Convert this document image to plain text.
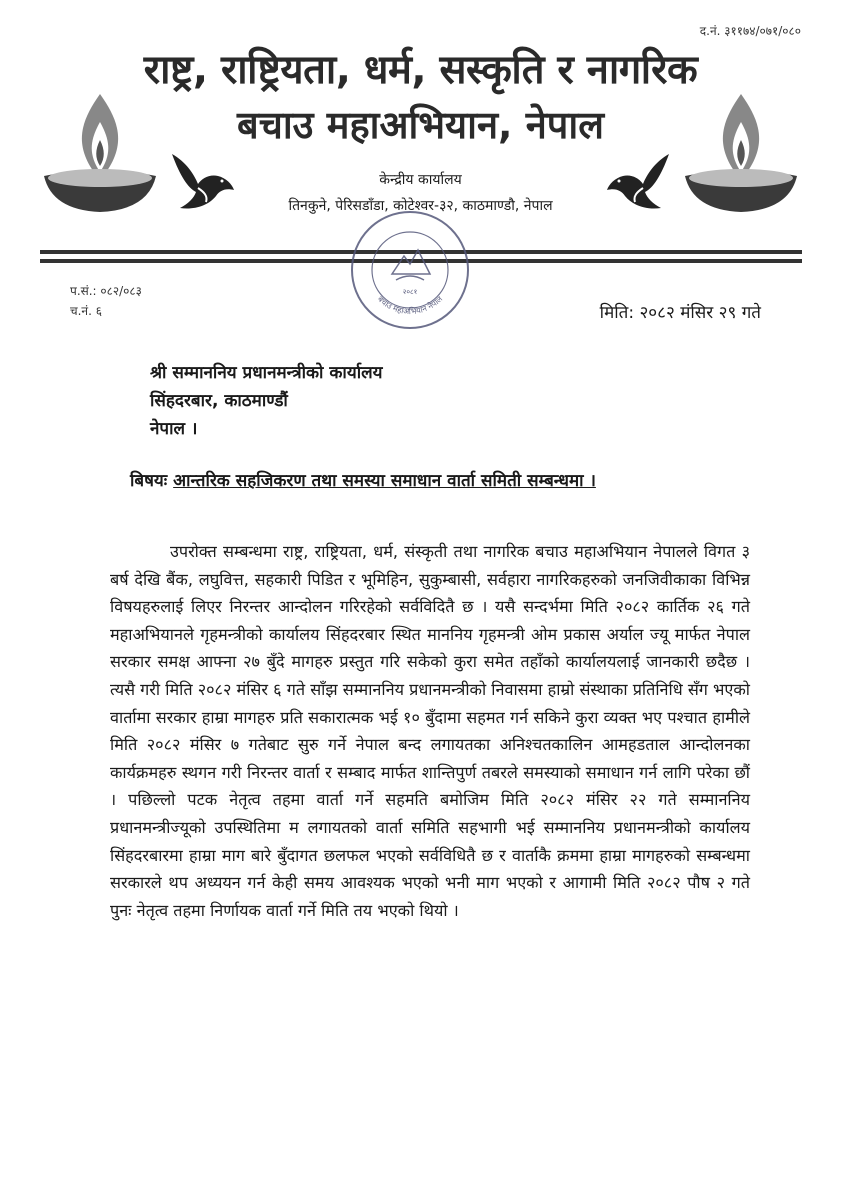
द.नं. ३११७४/०७१/०८०
राष्ट्र, राष्ट्रियता, धर्म, सस्कृति र नागरिक
बचाउ महाअभियान, नेपाल
केन्द्रीय कार्यालय
तिनकुने, पेरिसडाँडा, कोटेश्वर-३२, काठमाण्डौ, नेपाल
बचाउ महाअभियान नेपाल
२०८१
प.सं.: ०८२/०८३
च.नं. ६	मिति: २०८२ मंसिर २९ गते
श्री सम्माननिय प्रधानमन्त्रीको कार्यालय
सिंहदरबार, काठमाण्डौं
नेपाल ।
बिषयः आन्तरिक सहजिकरण तथा समस्या समाधान वार्ता समिती सम्बन्धमा ।

उपरोक्त सम्बन्धमा राष्ट्र, राष्ट्रियता, धर्म, संस्कृती तथा नागरिक बचाउ महाअभियान नेपालले विगत ३ बर्ष देखि बैंक, लघुवित्त, सहकारी पिडित र भूमिहिन, सुकुम्बासी, सर्वहारा नागरिकहरुको जनजिवीकाका विभिन्न विषयहरुलाई लिएर निरन्तर आन्दोलन गरिरहेको सर्वविदितै छ । यसै सन्दर्भमा मिति २०८२ कार्तिक २६ गते महाअभियानले गृहमन्त्रीको कार्यालय सिंहदरबार स्थित माननिय गृहमन्त्री ओम प्रकास अर्याल ज्यू मार्फत नेपाल सरकार समक्ष आफ्ना २७ बुँदे मागहरु प्रस्तुत गरि सकेको कुरा समेत तहाँको कार्यालयलाई जानकारी छदैछ । त्यसै गरी मिति २०८२ मंसिर ६ गते साँझ सम्माननिय प्रधानमन्त्रीको निवासमा हाम्रो संस्थाका प्रतिनिधि सँग भएको वार्तामा सरकार हाम्रा मागहरु प्रति सकारात्मक भई १० बुँदामा सहमत गर्न सकिने कुरा व्यक्त भए पश्चात हामीले मिति २०८२ मंसिर ७ गतेबाट सुरु गर्ने नेपाल बन्द लगायतका अनिश्चतकालिन आमहडताल आन्दोलनका कार्यक्रमहरु स्थगन गरी निरन्तर वार्ता र सम्बाद मार्फत शान्तिपुर्ण तबरले समस्याको समाधान गर्न लागि परेका छौं । पछिल्लो पटक नेतृत्व तहमा वार्ता गर्ने सहमति बमोजिम मिति २०८२ मंसिर २२ गते सम्माननिय प्रधानमन्त्रीज्यूको उपस्थितिमा म लगायतको वार्ता समिति सहभागी भई सम्माननिय प्रधानमन्त्रीको कार्यालय सिंहदरबारमा हाम्रा माग बारे बुँदागत छलफल भएको सर्वविधितै छ र वार्ताकै क्रममा हाम्रा मागहरुको सम्बन्धमा सरकारले थप अध्ययन गर्न केही समय आवश्यक भएको भनी माग भएको र आगामी मिति २०८२ पौष २ गते पुनः नेतृत्व तहमा निर्णायक वार्ता गर्ने मिति तय भएको थियो ।
